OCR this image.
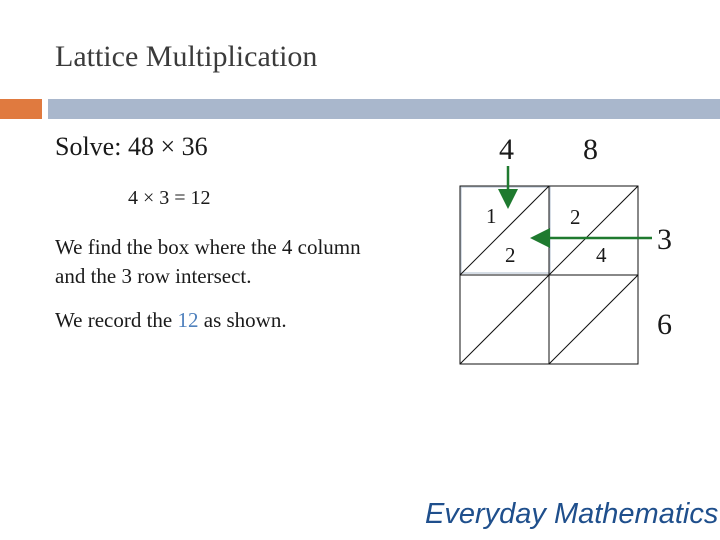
Lattice Multiplication
Solve: 48 × 36
4 × 3 = 12
We find the box where the 4 column and the 3 row intersect.
We record the 12 as shown.
4 8
3
6
1
2
2
4
Everyday Mathematics
